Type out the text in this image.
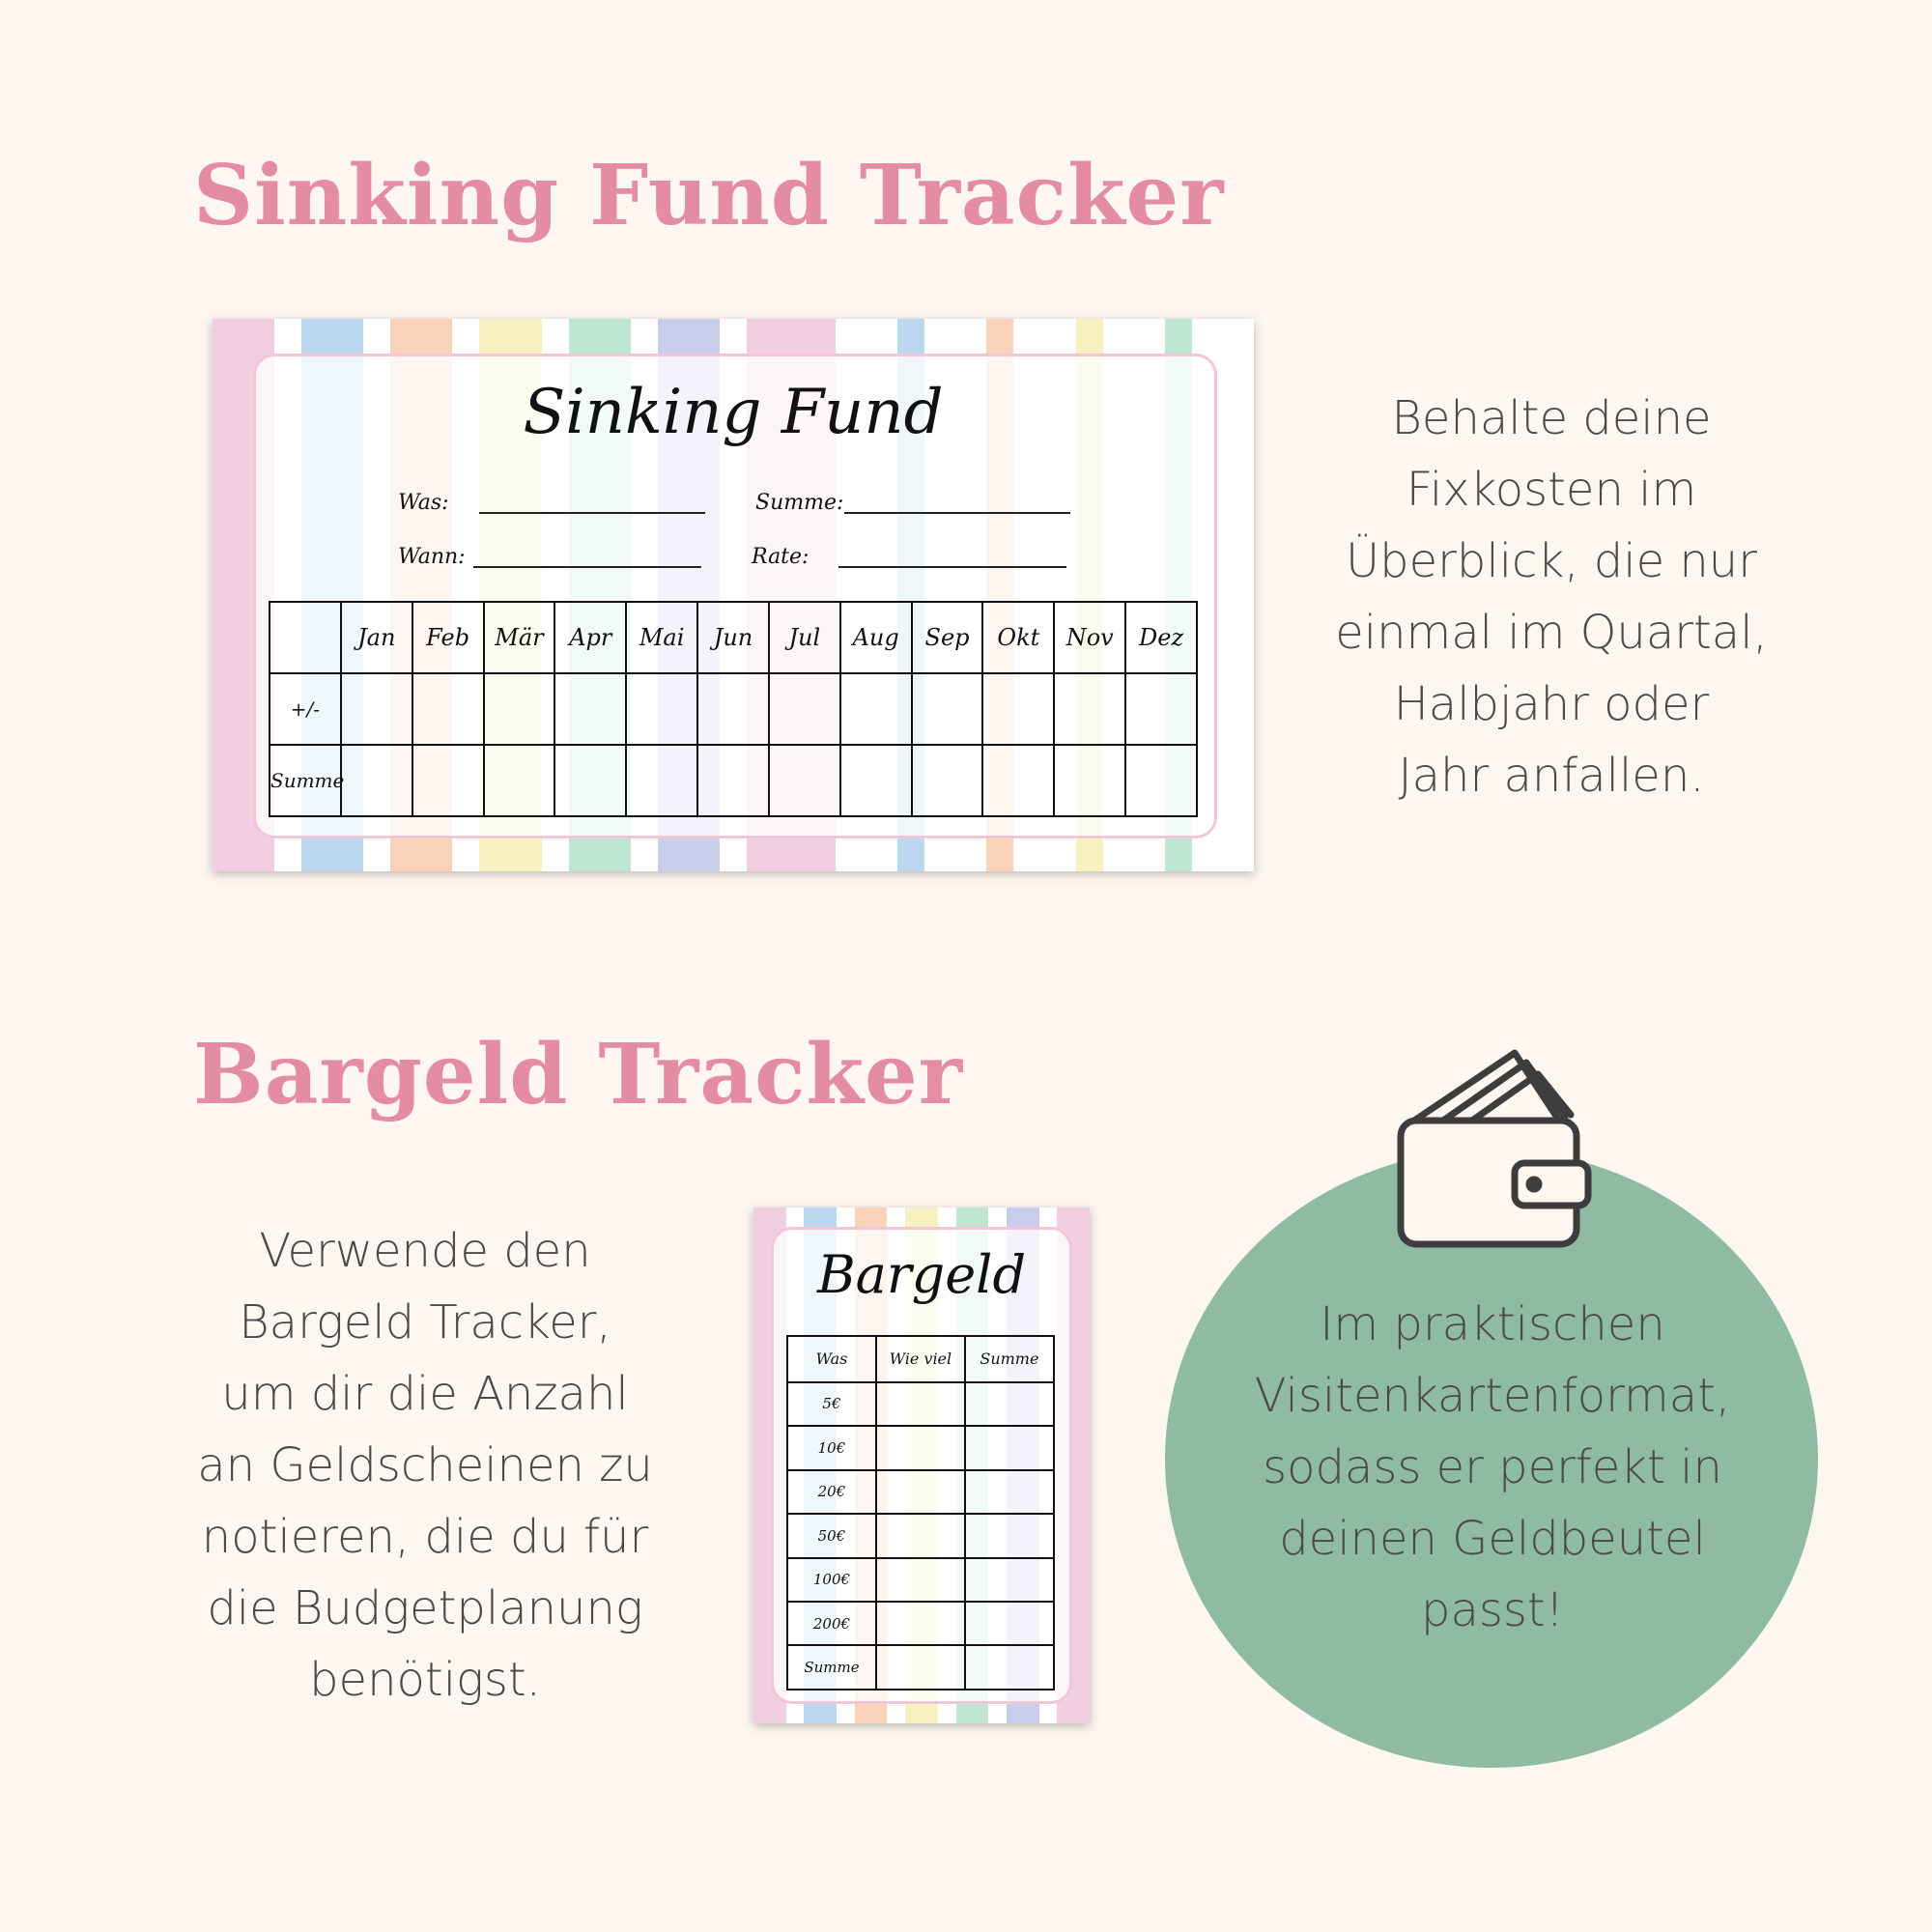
Sinking Fund Tracker
Sinking Fund
Was:	Summe:
Wann:	Rate:
	Jan	Feb	Mär	Apr	Mai	Jun	Jul	Aug	Sep	Okt	Nov	Dez
+/-												
Summe												

Behalte deine
Fixkosten im
Überblick, die nur
einmal im Quartal,
Halbjahr oder
Jahr anfallen.

Bargeld Tracker

Verwende den
Bargeld Tracker,
um dir die Anzahl
an Geldscheinen zu
notieren, die du für
die Budgetplanung
benötigst.

Bargeld
Was	Wie viel	Summe
5€		
10€		
20€		
50€		
100€		
200€		
Summe		

Im praktischen
Visitenkartenformat,
sodass er perfekt in
deinen Geldbeutel
passt!
